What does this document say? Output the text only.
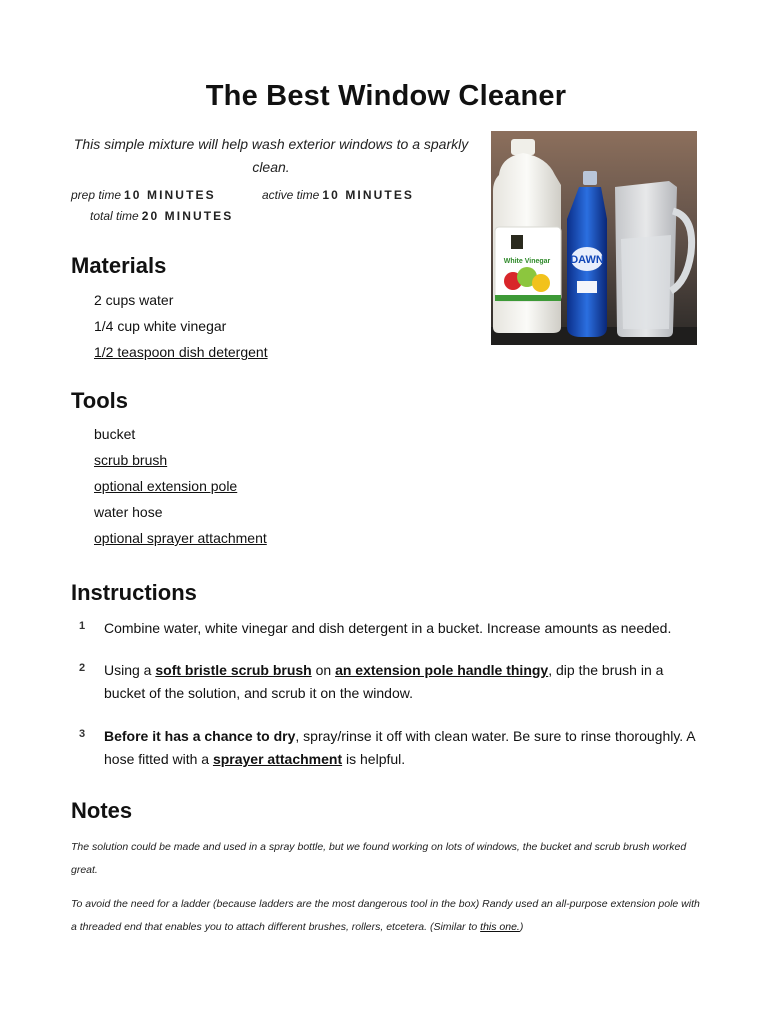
The Best Window Cleaner
This simple mixture will help wash exterior windows to a sparkly clean.
prep time 10 MINUTES	active time 10 MINUTES
total time 20 MINUTES
White Vinegar DAWN
Materials
2 cups water
1/4 cup white vinegar
1/2 teaspoon dish detergent
Tools
bucket
scrub brush
optional extension pole
water hose
optional sprayer attachment
Instructions
1 Combine water, white vinegar and dish detergent in a bucket. Increase amounts as needed.
2 Using a soft bristle scrub brush on an extension pole handle thingy, dip the brush in a bucket of the solution, and scrub it on the window.
3 Before it has a chance to dry, spray/rinse it off with clean water. Be sure to rinse thoroughly. A hose fitted with a sprayer attachment is helpful.
Notes

The solution could be made and used in a spray bottle, but we found working on lots of windows, the bucket and scrub brush worked great.

To avoid the need for a ladder (because ladders are the most dangerous tool in the box) Randy used an all-purpose extension pole with a threaded end that enables you to attach different brushes, rollers, etcetera. (Similar to this one.)
